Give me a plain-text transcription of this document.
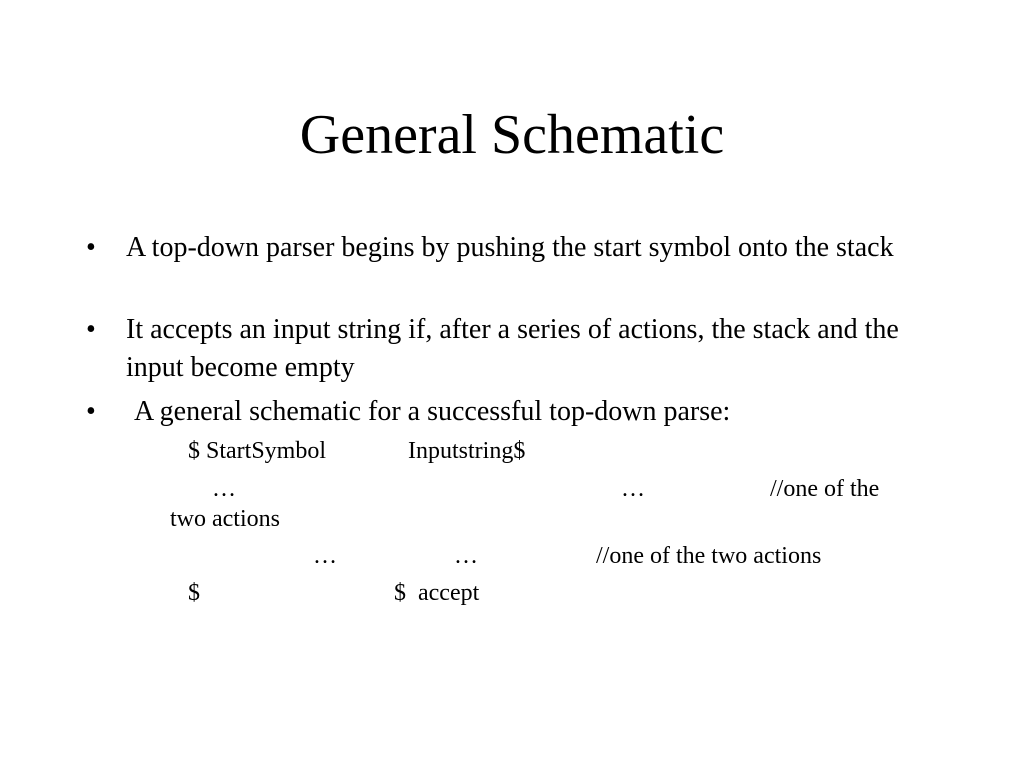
General Schematic
•	A top-down parser begins by pushing the start symbol onto the stack
•	It accepts an input string if, after a series of actions, the stack and the input become empty
•	A general schematic for a successful top-down parse:
$ StartSymbol	Inputstring$
…	…	//one of the
two actions
…	…	//one of the two actions
$	$  accept
